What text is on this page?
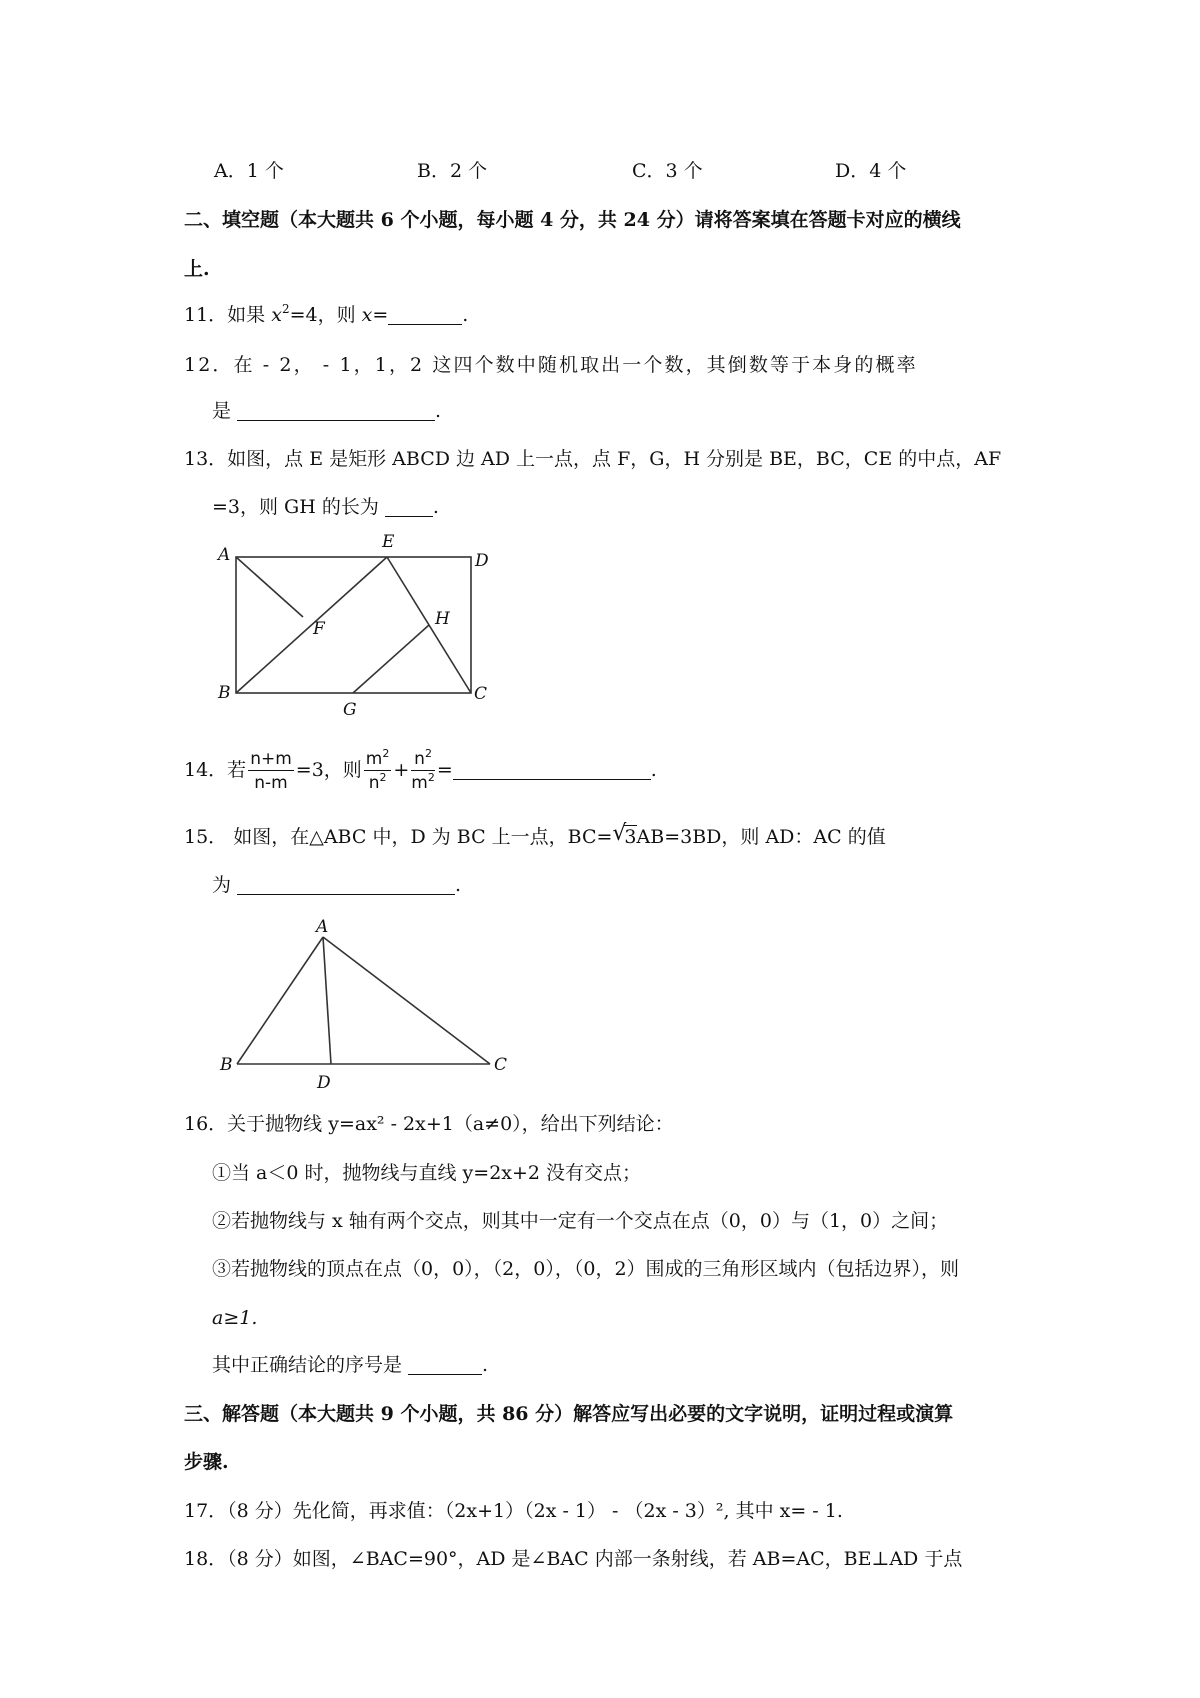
A．1 个	B．2 个	C．3 个	D．4 个
二、填空题（本大题共 6 个小题，每小题 4 分，共 24 分）请将答案填在答题卡对应的横线
上.
11．如果 $x^2=4$，则 x=	.
12．在 ‑ 2， ‑ 1，1，2 这四个数中随机取出一个数，其倒数等于本身的概率
是	.
13．如图，点 E 是矩形 ABCD 边 AD 上一点，点 F，G，H 分别是 BE，BC，CE 的中点，AF
=3，则 GH 的长为	.
A
E
D
F	H
B
G
C
14．若 $\frac{n+m}{n-m} =3$，则 $\frac{m^2}{n^2} + \frac{n^2}{m^2}$ =	.
15． 如图，在△ABC 中，D 为 BC 上一点，BC= √
3AB=3BD，则 AD：AC 的值
为	.
A
B
D
C
16．关于抛物线 y=ax² ‑ 2x+1（a≠0），给出下列结论：
①当 a＜0 时，抛物线与直线 y=2x+2 没有交点；
②若抛物线与 x 轴有两个交点，则其中一定有一个交点在点（0，0）与（1，0）之间；
③若抛物线的顶点在点（0，0），（2，0），（0，2）围成的三角形区域内（包括边界），则
a≥1.
其中正确结论的序号是	.
三、解答题（本大题共 9 个小题，共 86 分）解答应写出必要的文字说明，证明过程或演算
步骤.
17．（8 分）先化简，再求值：（2x+1）（2x ‑ 1） ‑ （2x ‑ 3）², 其中 x= ‑ 1.
18．（8 分）如图，∠BAC=90°，AD 是∠BAC 内部一条射线，若 AB=AC，BE⊥AD 于点
